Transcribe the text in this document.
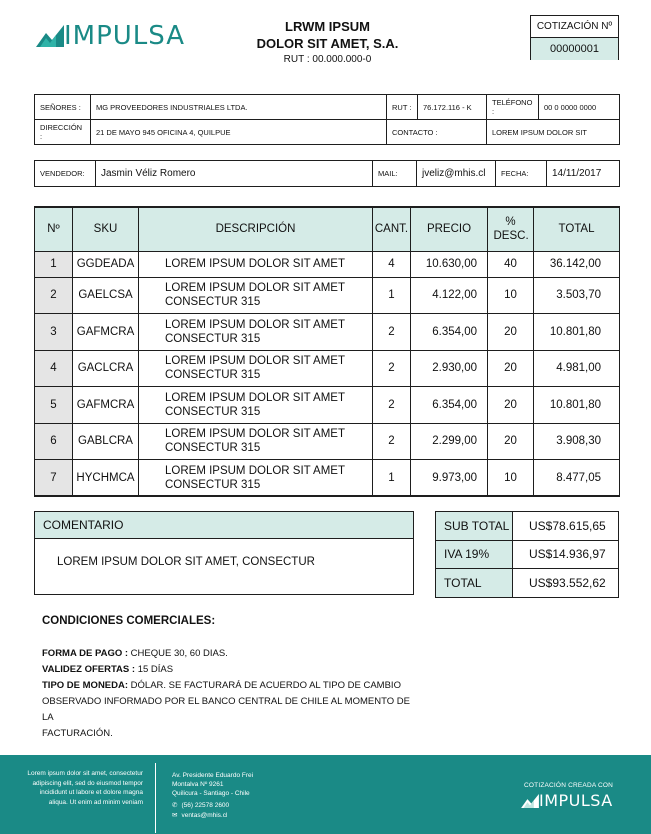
IMPULSA	LRWM IPSUM
DOLOR SIT AMET, S.A.
RUT : 00.000.000-0
COTIZACIÓN Nº
00000001
SEÑORES :	MG PROVEEDORES INDUSTRIALES LTDA.	RUT :	76.172.116 - K	TELÉFONO :	00 0 0000 0000
DIRECCIÓN :	21 DE MAYO 945 OFICINA 4, QUILPUE	CONTACTO :		LOREM IPSUM DOLOR SIT	
VENDEDOR:	Jasmin Véliz Romero	MAIL:	jveliz@mhis.cl	FECHA:	14/11/2017
Nº	SKU	DESCRIPCIÓN	CANT.	PRECIO	% DESC.	TOTAL
1	GGDEADA	LOREM IPSUM DOLOR SIT AMET	4	10.630,00	40	36.142,00
2	GAELCSA	LOREM IPSUM DOLOR SIT AMET
CONSECTUR 315	1	4.122,00	10	3.503,70
3	GAFMCRA	LOREM IPSUM DOLOR SIT AMET
CONSECTUR 315	2	6.354,00	20	10.801,80
4	GACLCRA	LOREM IPSUM DOLOR SIT AMET
CONSECTUR 315	2	2.930,00	20	4.981,00
5	GAFMCRA	LOREM IPSUM DOLOR SIT AMET
CONSECTUR 315	2	6.354,00	20	10.801,80
6	GABLCRA	LOREM IPSUM DOLOR SIT AMET
CONSECTUR 315	2	2.299,00	20	3.908,30
7	HYCHMCA	LOREM IPSUM DOLOR SIT AMET
CONSECTUR 315	1	9.973,00	10	8.477,05
COMENTARIO
LOREM IPSUM DOLOR SIT AMET, CONSECTUR
SUB TOTAL	US$78.615,65
IVA 19%	US$14.936,97
TOTAL	US$93.552,62
CONDICIONES COMERCIALES:
FORMA DE PAGO : CHEQUE 30, 60 DIAS.
VALIDEZ OFERTAS : 15 DÍAS
TIPO DE MONEDA: DÓLAR. SE FACTURARÁ DE ACUERDO AL TIPO DE CAMBIO
OBSERVADO INFORMADO POR EL BANCO CENTRAL DE CHILE AL MOMENTO DE LA
FACTURACIÓN.
Lorem ipsum dolor sit amet, consectetur adipiscing elit, sed do eiusmod tempor incididunt ut labore et dolore magna aliqua. Ut enim ad minim veniam
Av. Presidente Eduardo Frei
Montalva Nº 9261
Quilicura - Santiago - Chile
✆ (56) 22578 2600
✉ ventas@mhis.cl
COTIZACIÓN CREADA CON
IMPULSA
